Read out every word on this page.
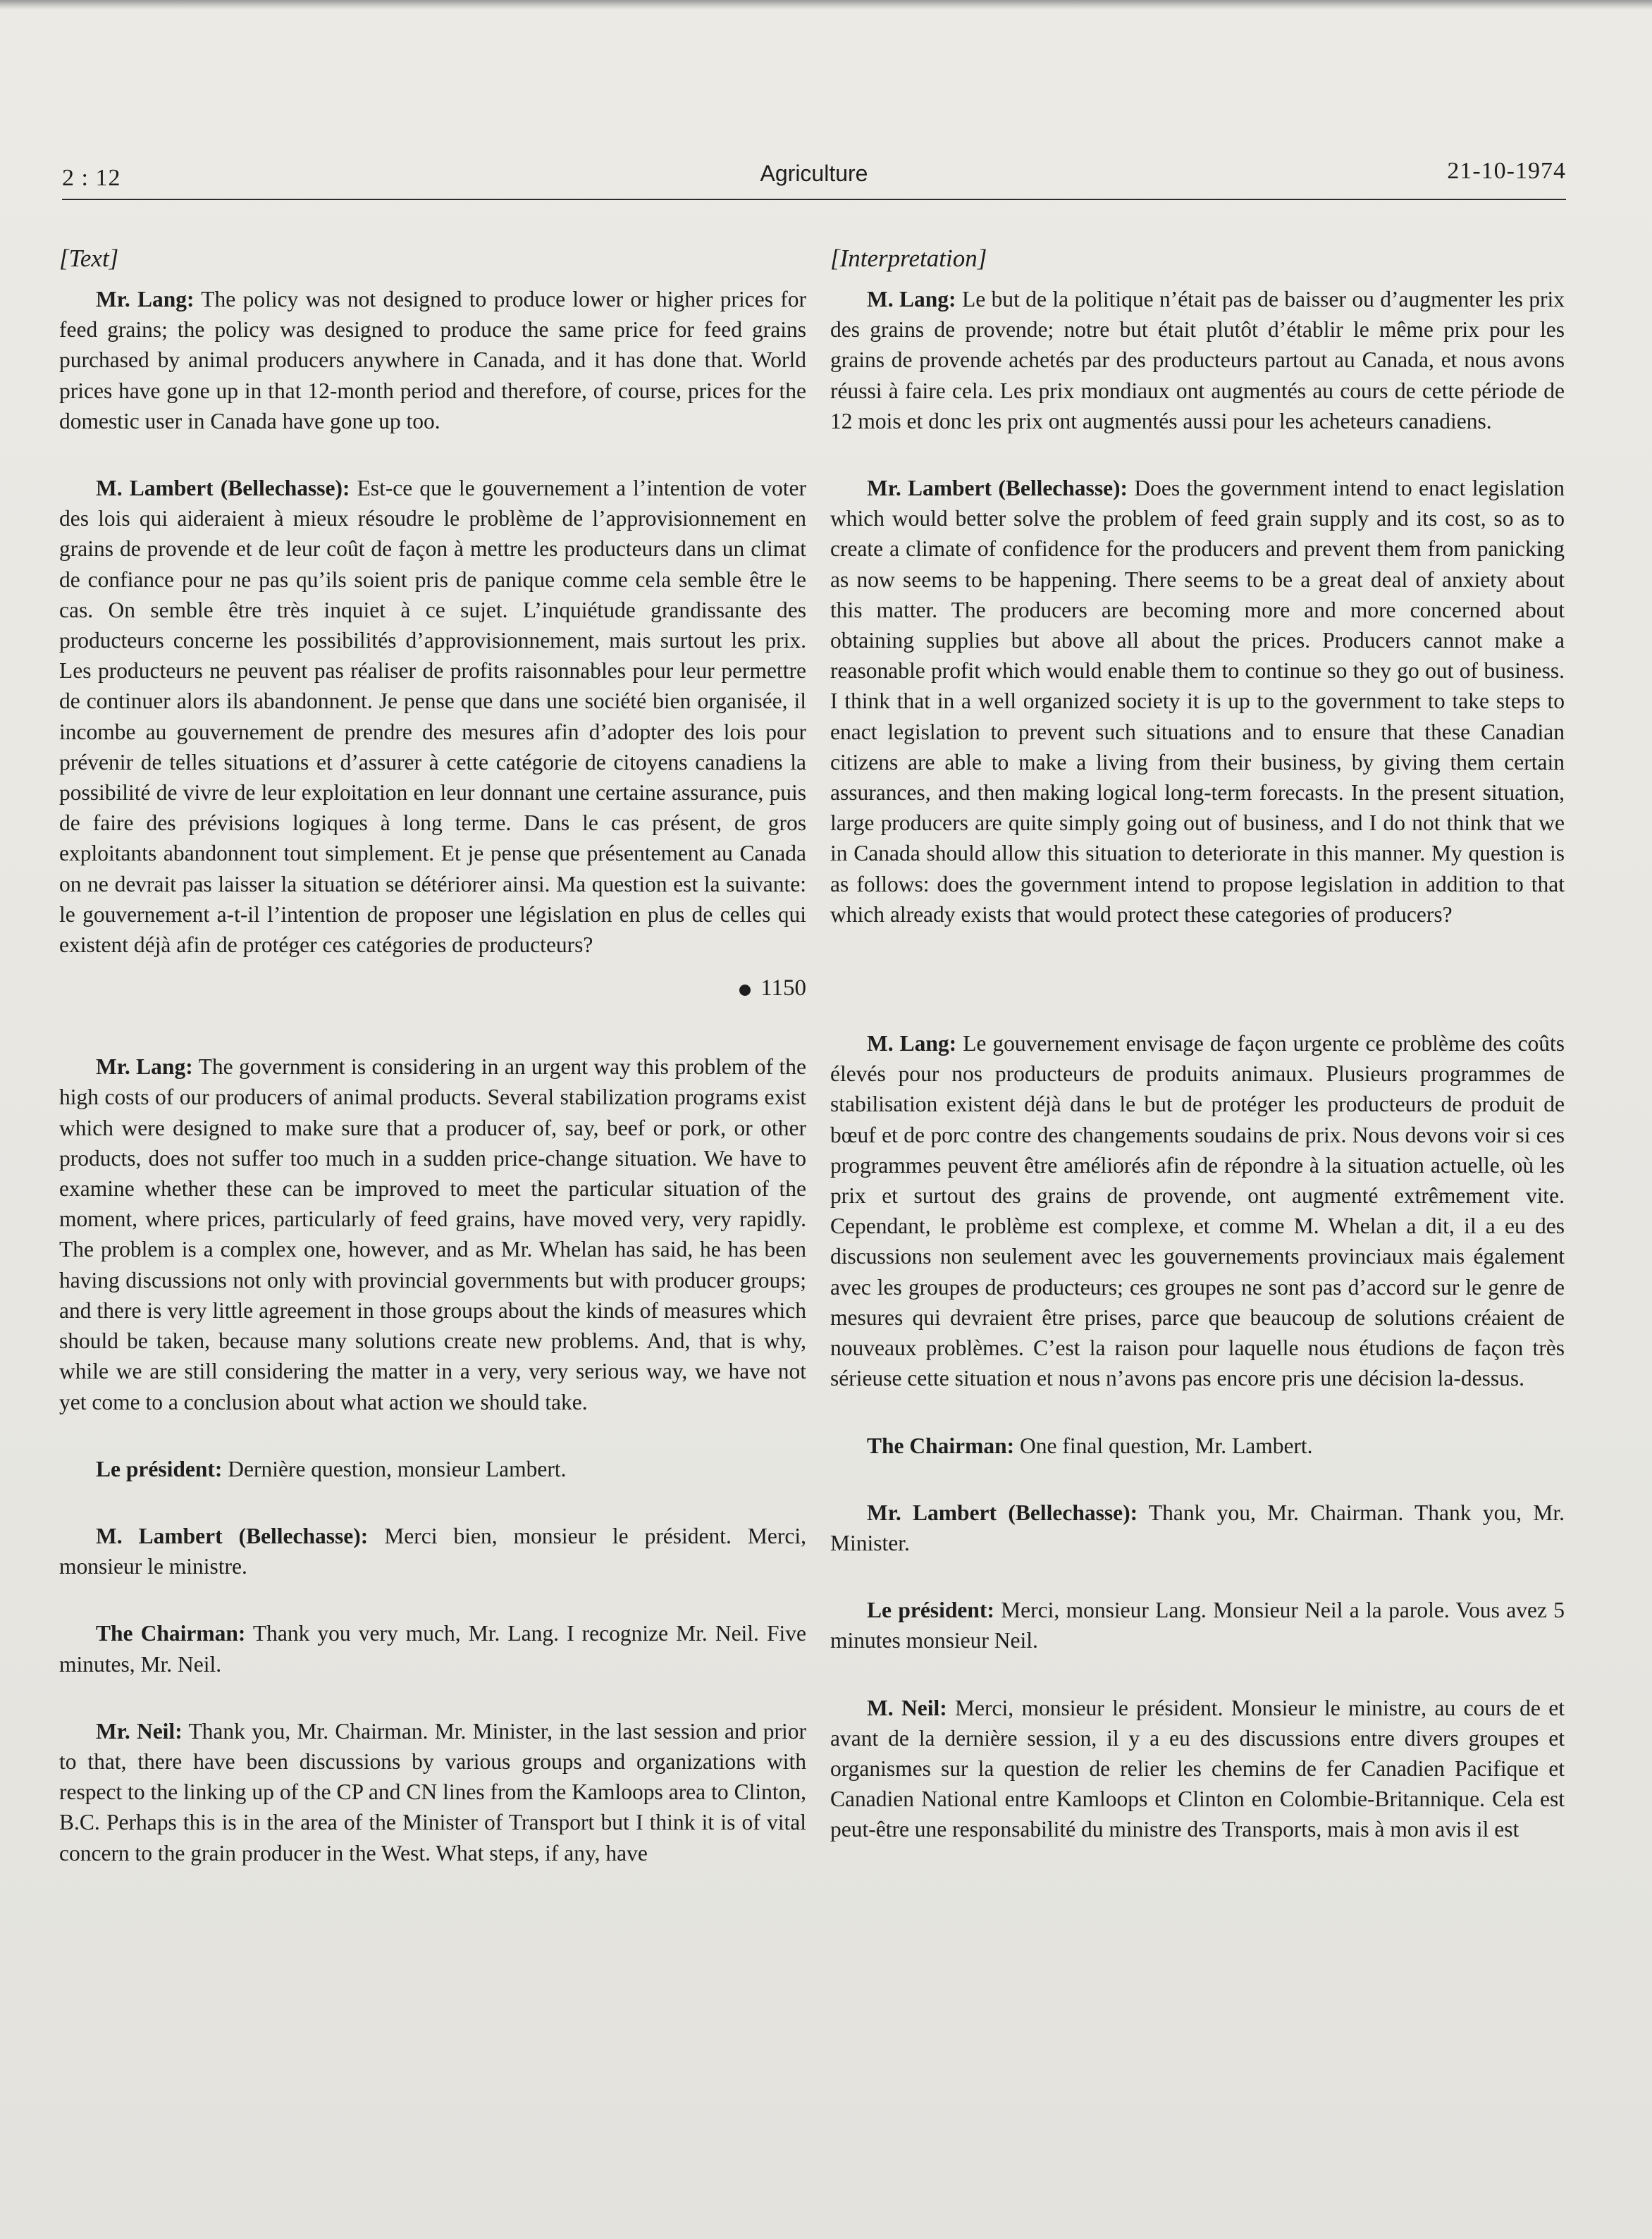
2 : 12	Agriculture	21-10-1974
[Text]

Mr. Lang: The policy was not designed to produce lower or higher prices for feed grains; the policy was designed to produce the same price for feed grains purchased by animal producers anywhere in Canada, and it has done that. World prices have gone up in that 12-month period and therefore, of course, prices for the domestic user in Canada have gone up too.

M. Lambert (Bellechasse): Est-ce que le gouvernement a l’intention de voter des lois qui aideraient à mieux résoudre le problème de l’approvisionnement en grains de provende et de leur coût de façon à mettre les producteurs dans un climat de confiance pour ne pas qu’ils soient pris de panique comme cela semble être le cas. On semble être très inquiet à ce sujet. L’inquiétude grandissante des producteurs concerne les possibilités d’approvisionnement, mais surtout les prix. Les producteurs ne peuvent pas réaliser de profits raisonnables pour leur permettre de continuer alors ils abandonnent. Je pense que dans une société bien organisée, il incombe au gouvernement de prendre des mesures afin d’adopter des lois pour prévenir de telles situations et d’assurer à cette catégorie de citoyens canadiens la possibilité de vivre de leur exploitation en leur donnant une certaine assurance, puis de faire des prévisions logiques à long terme. Dans le cas présent, de gros exploitants abandonnent tout simplement. Et je pense que présentement au Canada on ne devrait pas laisser la situation se détériorer ainsi. Ma question est la suivante: le gouvernement a-t-il l’intention de proposer une législation en plus de celles qui existent déjà afin de protéger ces catégories de producteurs?

1150

Mr. Lang: The government is considering in an urgent way this problem of the high costs of our producers of animal products. Several stabilization programs exist which were designed to make sure that a producer of, say, beef or pork, or other products, does not suffer too much in a sudden price-change situation. We have to examine whether these can be improved to meet the particular situation of the moment, where prices, particularly of feed grains, have moved very, very rapidly. The problem is a complex one, however, and as Mr. Whelan has said, he has been having discussions not only with provincial governments but with producer groups; and there is very little agreement in those groups about the kinds of measures which should be taken, because many solutions create new problems. And, that is why, while we are still considering the matter in a very, very serious way, we have not yet come to a conclusion about what action we should take.

Le président: Dernière question, monsieur Lambert.

M. Lambert (Bellechasse): Merci bien, monsieur le président. Merci, monsieur le ministre.

The Chairman: Thank you very much, Mr. Lang. I recognize Mr. Neil. Five minutes, Mr. Neil.

Mr. Neil: Thank you, Mr. Chairman. Mr. Minister, in the last session and prior to that, there have been discussions by various groups and organizations with respect to the linking up of the CP and CN lines from the Kamloops area to Clinton, B.C. Perhaps this is in the area of the Minister of Transport but I think it is of vital concern to the grain producer in the West. What steps, if any, have

[Interpretation]

M. Lang: Le but de la politique n’était pas de baisser ou d’augmenter les prix des grains de provende; notre but était plutôt d’établir le même prix pour les grains de provende achetés par des producteurs partout au Canada, et nous avons réussi à faire cela. Les prix mondiaux ont augmentés au cours de cette période de 12 mois et donc les prix ont augmentés aussi pour les acheteurs canadiens.

Mr. Lambert (Bellechasse): Does the government intend to enact legislation which would better solve the problem of feed grain supply and its cost, so as to create a climate of confidence for the producers and prevent them from panicking as now seems to be happening. There seems to be a great deal of anxiety about this matter. The producers are becoming more and more concerned about obtaining supplies but above all about the prices. Producers cannot make a reasonable profit which would enable them to continue so they go out of business. I think that in a well organized society it is up to the government to take steps to enact legislation to prevent such situations and to ensure that these Canadian citizens are able to make a living from their business, by giving them certain assurances, and then making logical long-term forecasts. In the present situation, large producers are quite simply going out of business, and I do not think that we in Canada should allow this situation to deteriorate in this manner. My question is as follows: does the government intend to propose legislation in addition to that which already exists that would protect these categories of producers?

M. Lang: Le gouvernement envisage de façon urgente ce problème des coûts élevés pour nos producteurs de produits animaux. Plusieurs programmes de stabilisation existent déjà dans le but de protéger les producteurs de produit de bœuf et de porc contre des changements soudains de prix. Nous devons voir si ces programmes peuvent être améliorés afin de répondre à la situation actuelle, où les prix et surtout des grains de provende, ont augmenté extrêmement vite. Cependant, le problème est complexe, et comme M. Whelan a dit, il a eu des discussions non seulement avec les gouvernements provinciaux mais également avec les groupes de producteurs; ces groupes ne sont pas d’accord sur le genre de mesures qui devraient être prises, parce que beaucoup de solutions créaient de nouveaux problèmes. C’est la raison pour laquelle nous étudions de façon très sérieuse cette situation et nous n’avons pas encore pris une décision la-dessus.

The Chairman: One final question, Mr. Lambert.

Mr. Lambert (Bellechasse): Thank you, Mr. Chairman. Thank you, Mr. Minister.

Le président: Merci, monsieur Lang. Monsieur Neil a la parole. Vous avez 5 minutes monsieur Neil.

M. Neil: Merci, monsieur le président. Monsieur le ministre, au cours de et avant de la dernière session, il y a eu des discussions entre divers groupes et organismes sur la question de relier les chemins de fer Canadien Pacifique et Canadien National entre Kamloops et Clinton en Colombie-Britannique. Cela est peut-être une responsabilité du ministre des Transports, mais à mon avis il est
